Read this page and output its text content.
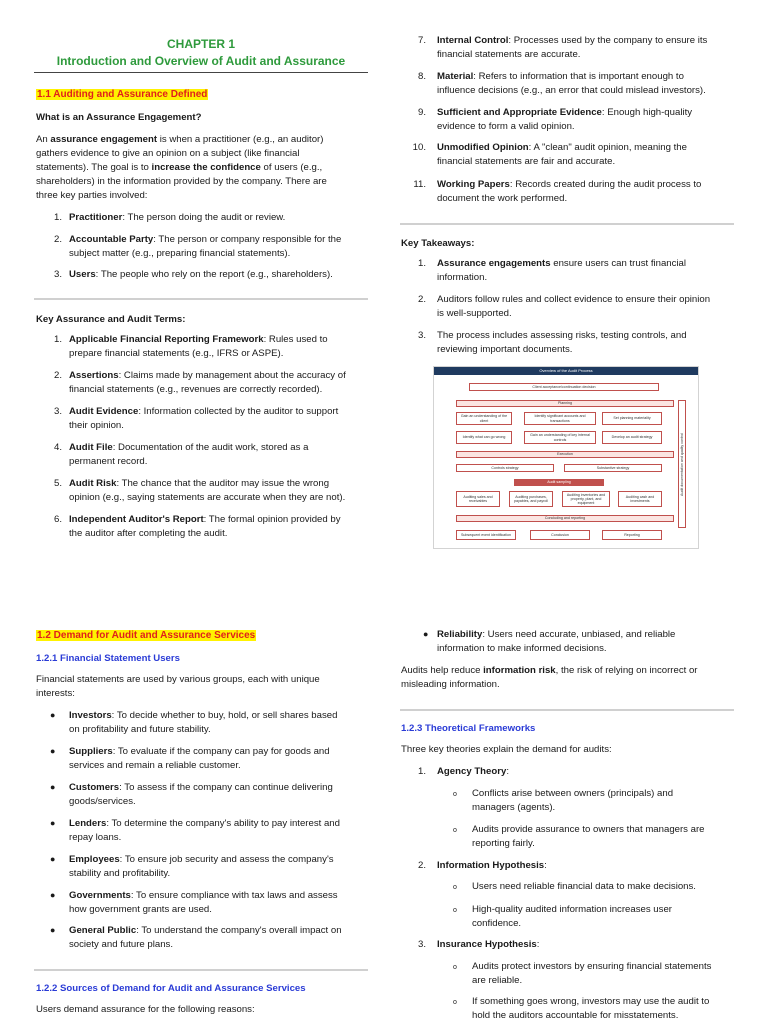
CHAPTER 1
Introduction and Overview of Audit and Assurance
1.1 Auditing and Assurance Defined
What is an Assurance Engagement?
An assurance engagement is when a practitioner (e.g., an auditor)
gathers evidence to give an opinion on a subject (like financial
statements). The goal is to increase the confidence of users (e.g.,
shareholders) in the information provided by the company. There are
three key parties involved:
1. Practitioner: The person doing the audit or review.
2. Accountable Party: The person or company responsible for the
subject matter (e.g., preparing financial statements).
3. Users: The people who rely on the report (e.g., shareholders).
Key Assurance and Audit Terms:
1. Applicable Financial Reporting Framework: Rules used to
prepare financial statements (e.g., IFRS or ASPE).
2. Assertions: Claims made by management about the accuracy of
financial statements (e.g., revenues are correctly recorded).
3. Audit Evidence: Information collected by the auditor to support
their opinion.
4. Audit File: Documentation of the audit work, stored as a
permanent record.
5. Audit Risk: The chance that the auditor may issue the wrong
opinion (e.g., saying statements are accurate when they are not).
6. Independent Auditor's Report: The formal opinion provided by
the auditor after completing the audit.
7. Internal Control: Processes used by the company to ensure its
financial statements are accurate.
8. Material: Refers to information that is important enough to
influence decisions (e.g., an error that could mislead investors).
9. Sufficient and Appropriate Evidence: Enough high-quality
evidence to form a valid opinion.
10. Unmodified Opinion: A "clean" audit opinion, meaning the
financial statements are fair and accurate.
11. Working Papers: Records created during the audit process to
document the work performed.
Key Takeaways:
1. Assurance engagements ensure users can trust financial
information.
2. Auditors follow rules and collect evidence to ensure their opinion
is well-supported.
3. The process includes assessing risks, testing controls, and
reviewing important documents.
Overview of the Audit Process
Client acceptance/continuation decision
Planning
Gain an understanding of the client
Identify significant accounts and transactions
Set planning materiality
Identify what can go wrong
Gain an understanding of key internal controls
Develop an audit strategy
Execution
Controls strategy	Substantive strategy
Audit sampling
Auditing sales and receivables
Auditing purchases, payables, and payroll
Auditing inventories and property, plant, and equipment
Auditing cash and investments
Concluding and reporting
Subsequent event identification	Conclusion	Reporting
Audit documentation and quality control
1.2 Demand for Audit and Assurance Services
1.2.1 Financial Statement Users
Financial statements are used by various groups, each with unique
interests:
● Investors: To decide whether to buy, hold, or sell shares based
on profitability and future stability.
● Suppliers: To evaluate if the company can pay for goods and
services and remain a reliable customer.
● Customers: To assess if the company can continue delivering
goods/services.
● Lenders: To determine the company's ability to pay interest and
repay loans.
● Employees: To ensure job security and assess the company's
stability and profitability.
● Governments: To ensure compliance with tax laws and assess
how government grants are used.
● General Public: To understand the company's overall impact on
society and future plans.
1.2.2 Sources of Demand for Audit and Assurance Services
Users demand assurance for the following reasons:
● Reliability: Users need accurate, unbiased, and reliable
information to make informed decisions.
Audits help reduce information risk, the risk of relying on incorrect or
misleading information.
1.2.3 Theoretical Frameworks
Three key theories explain the demand for audits:
1. Agency Theory:
o Conflicts arise between owners (principals) and
managers (agents).
o Audits provide assurance to owners that managers are
reporting fairly.
2. Information Hypothesis:
o Users need reliable financial data to make decisions.
o High-quality audited information increases user
confidence.
3. Insurance Hypothesis:
o Audits protect investors by ensuring financial statements
are reliable.
o If something goes wrong, investors may use the audit to
hold the auditors accountable for misstatements.
